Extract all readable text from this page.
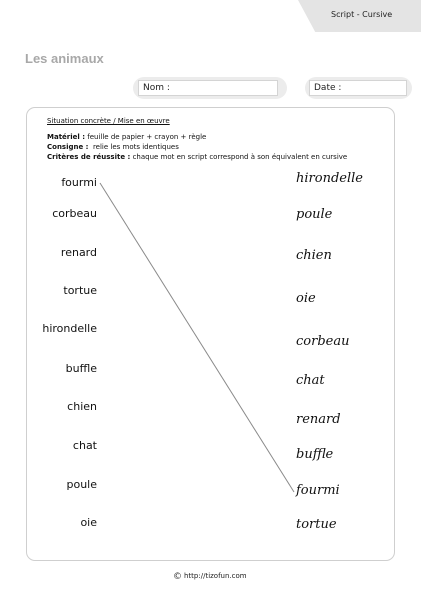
Script - Cursive
Les animaux
Nom :	Date :
Situation concrète / Mise en œuvre
Matériel : feuille de papier + crayon + règle
Consigne : relie les mots identiques
Critères de réussite : chaque mot en script correspond à son équivalent en cursive
fourmi
corbeau
renard
tortue
hirondelle
buffle
chien
chat
poule
oie
hirondelle
poule
chien
oie
corbeau
chat
renard
buffle
fourmi
tortue
© http://tizofun.com
